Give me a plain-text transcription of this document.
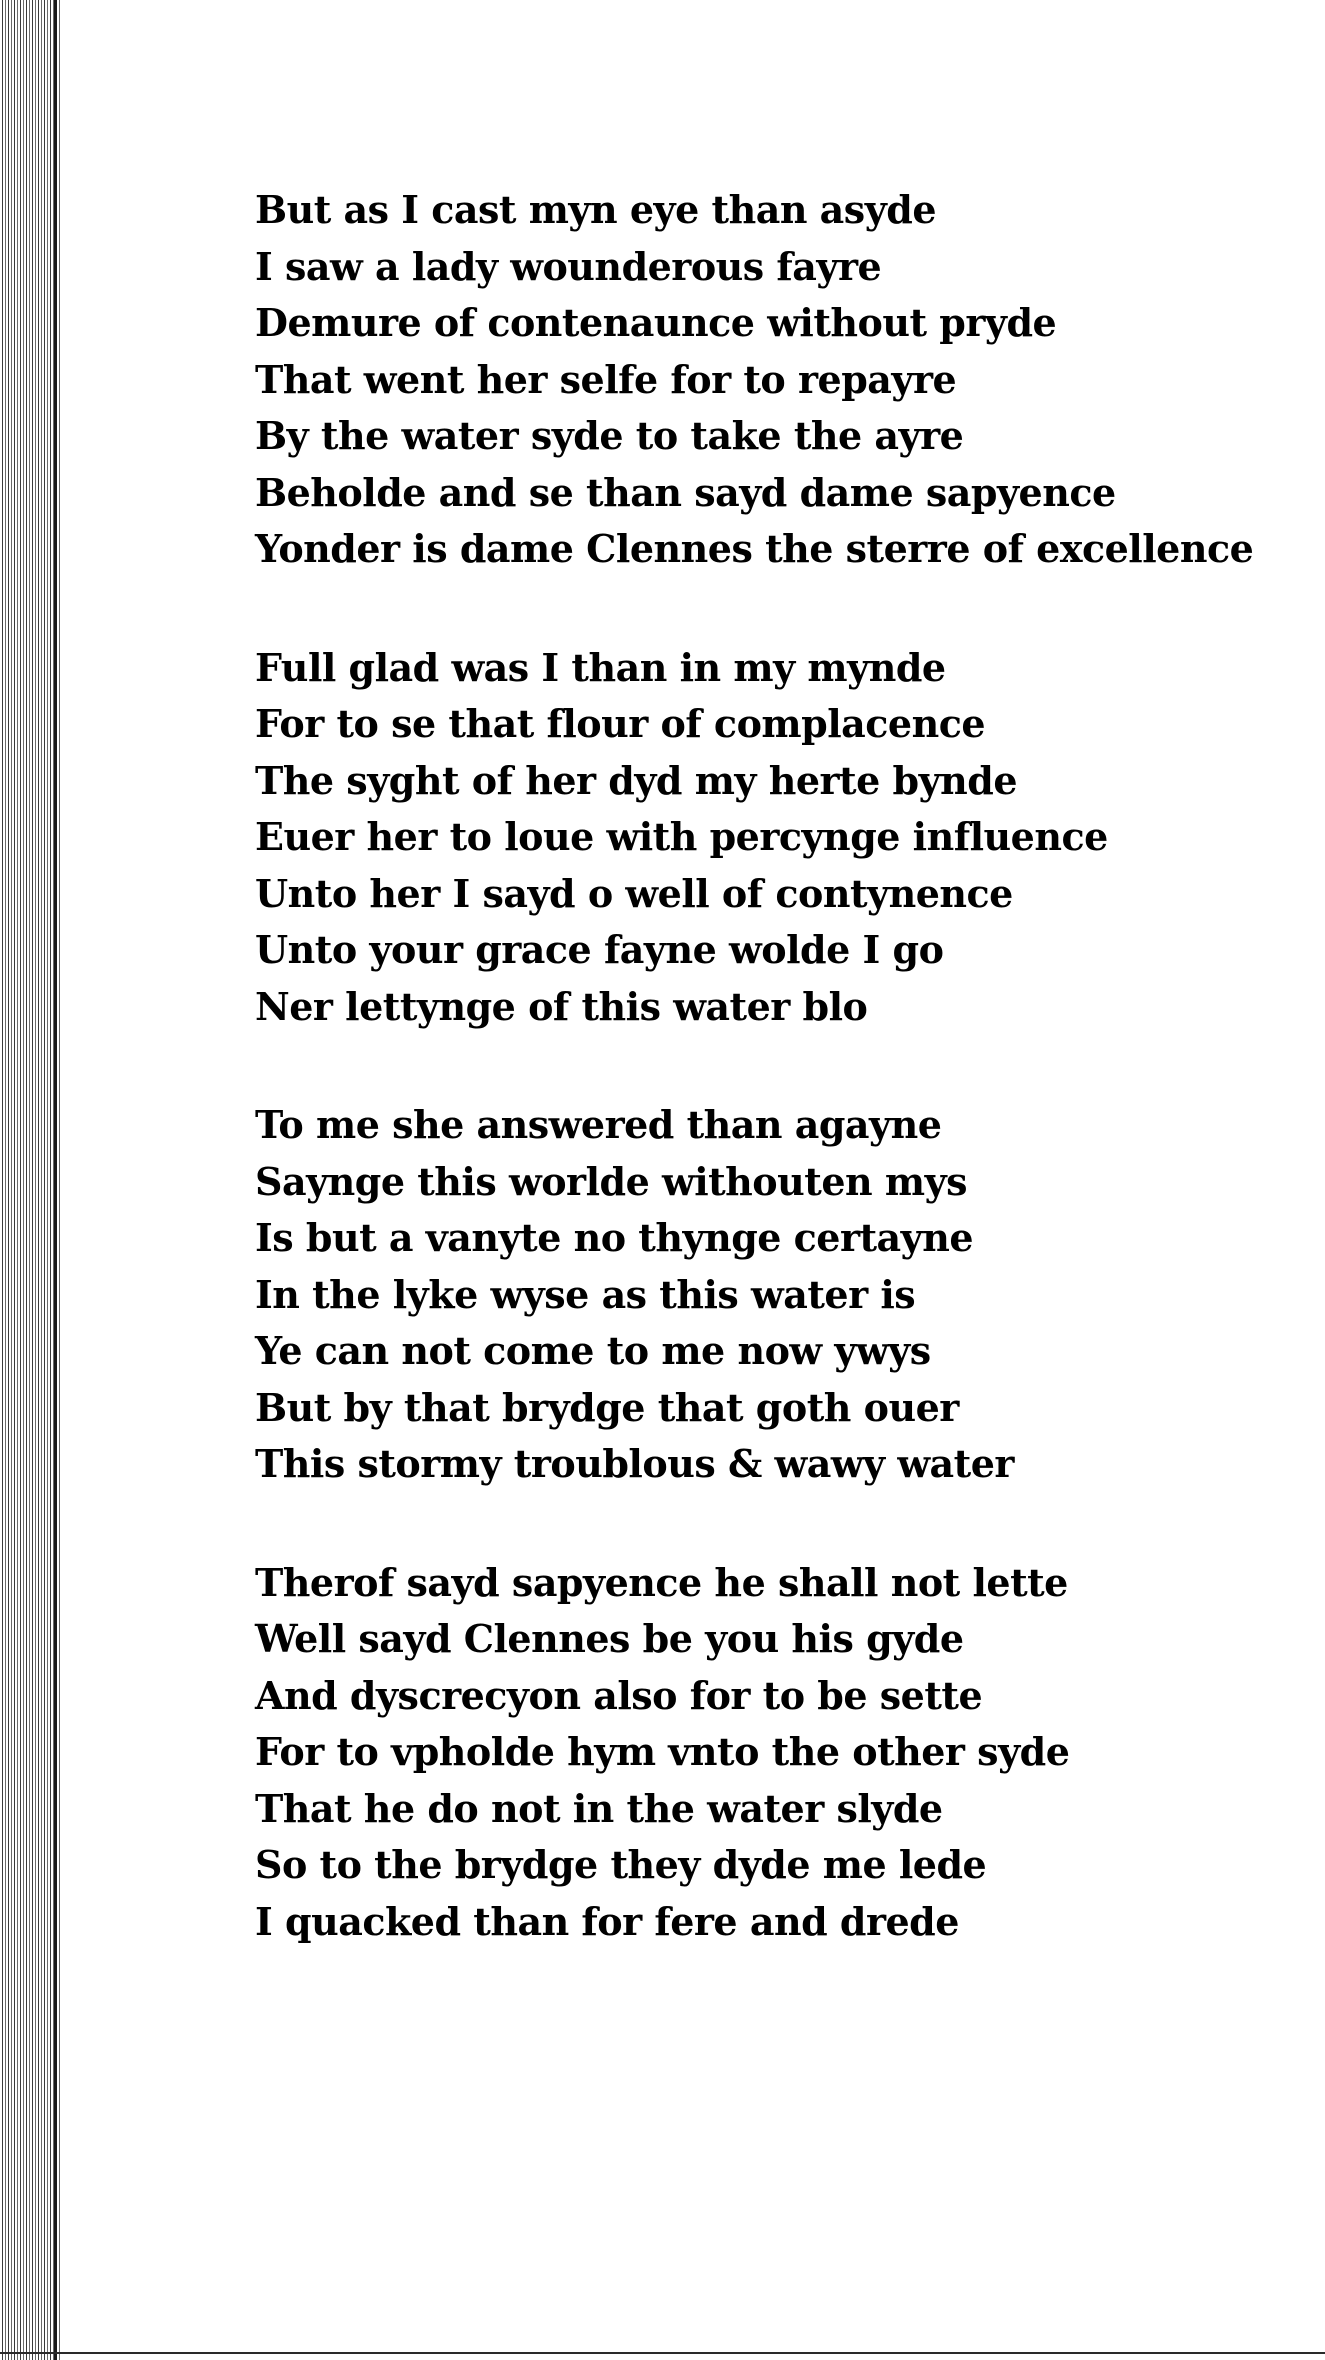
But as I cast myn eye than asyde
I saw a lady wounderous fayre
Demure of contenaunce without pryde
That went her selfe for to repayre
By the water syde to take the ayre
Beholde and se than sayd dame sapyence
Yonder is dame Clennes the sterre of excellence
Full glad was I than in my mynde
For to se that flour of complacence
The syght of her dyd my herte bynde
Euer her to loue with percynge influence
Unto her I sayd o well of contynence
Unto your grace fayne wolde I go
Ner lettynge of this water blo
To me she answered than agayne
Saynge this worlde withouten mys
Is but a vanyte no thynge certayne
In the lyke wyse as this water is
Ye can not come to me now ywys
But by that brydge that goth ouer
This stormy troublous & wawy water
Therof sayd sapyence he shall not lette
Well sayd Clennes be you his gyde
And dyscrecyon also for to be sette
For to vpholde hym vnto the other syde
That he do not in the water slyde
So to the brydge they dyde me lede
I quacked than for fere and drede
